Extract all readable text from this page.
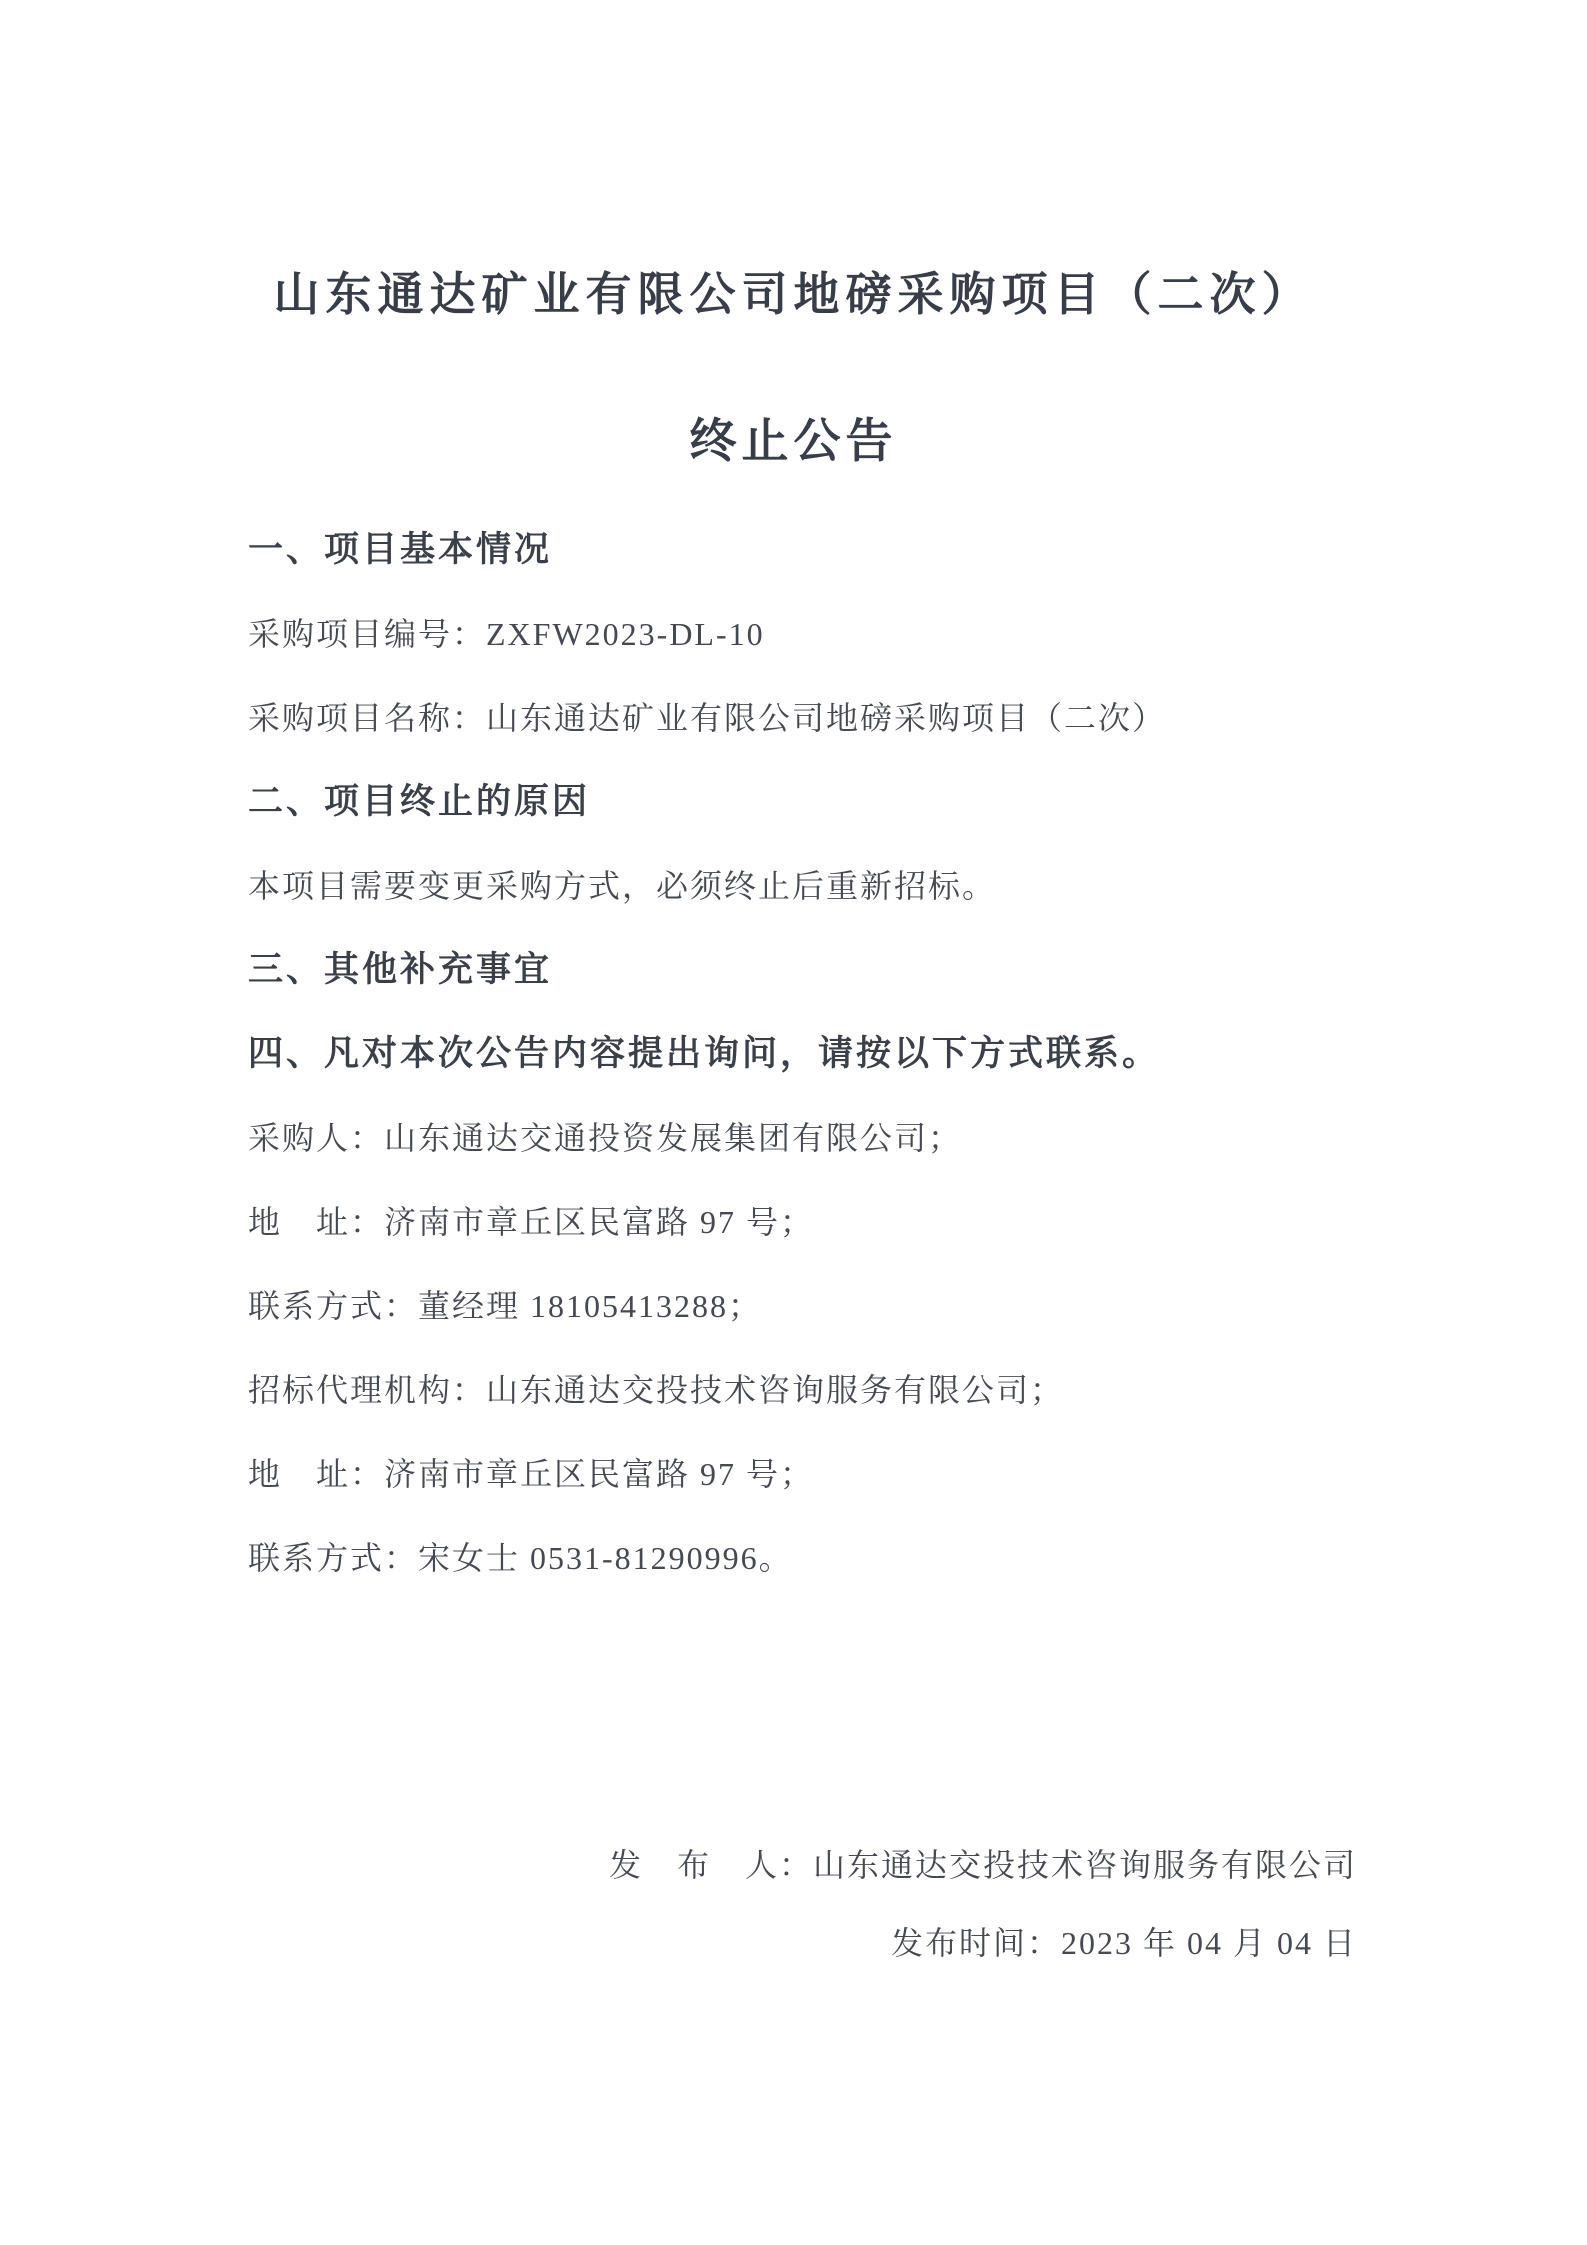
山东通达矿业有限公司地磅采购项目（二次）
终止公告
一、项目基本情况
采购项目编号：ZXFW2023-DL-10
采购项目名称：山东通达矿业有限公司地磅采购项目（二次）
二、项目终止的原因
本项目需要变更采购方式，必须终止后重新招标。
三、其他补充事宜
四、凡对本次公告内容提出询问，请按以下方式联系。
采购人：山东通达交通投资发展集团有限公司；
地　址：济南市章丘区民富路 97 号；
联系方式：董经理 18105413288；
招标代理机构：山东通达交投技术咨询服务有限公司；
地　址：济南市章丘区民富路 97 号；
联系方式：宋女士 0531-81290996。
发　布　人：山东通达交投技术咨询服务有限公司
发布时间：2023 年 04 月 04 日
